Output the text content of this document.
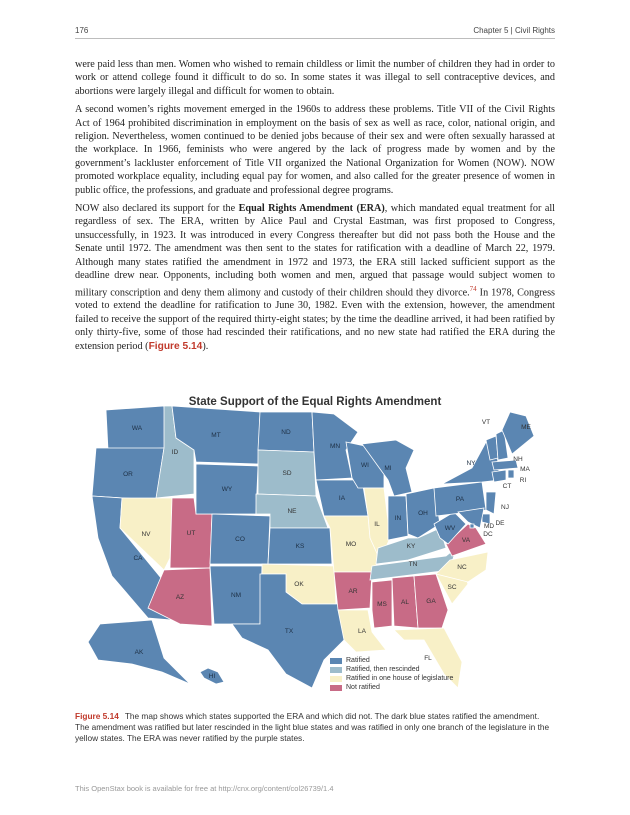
176	Chapter 5 | Civil Rights

were paid less than men. Women who wished to remain childless or limit the number of children they had in order to work or attend college found it difficult to do so. In some states it was illegal to sell contraceptive devices, and abortions were largely illegal and difficult for women to obtain.

A second women’s rights movement emerged in the 1960s to address these problems. Title VII of the Civil Rights Act of 1964 prohibited discrimination in employment on the basis of sex as well as race, color, national origin, and religion. Nevertheless, women continued to be denied jobs because of their sex and were often sexually harassed at the workplace. In 1966, feminists who were angered by the lack of progress made by women and by the government’s lackluster enforcement of Title VII organized the National Organization for Women (NOW). NOW promoted workplace equality, including equal pay for women, and also called for the greater presence of women in public office, the professions, and graduate and professional degree programs.

NOW also declared its support for the Equal Rights Amendment (ERA), which mandated equal treatment for all regardless of sex. The ERA, written by Alice Paul and Crystal Eastman, was first proposed to Congress, unsuccessfully, in 1923. It was introduced in every Congress thereafter but did not pass both the House and the Senate until 1972. The amendment was then sent to the states for ratification with a deadline of March 22, 1979. Although many states ratified the amendment in 1972 and 1973, the ERA still lacked sufficient support as the deadline drew near. Opponents, including both women and men, argued that passage would subject women to military conscription and deny them alimony and custody of their children should they divorce.$^{74}$ In 1978, Congress voted to extend the deadline for ratification to June 30, 1982. Even with the extension, however, the amendment failed to receive the support of the required thirty-eight states; by the time the deadline arrived, it had been ratified by only thirty-five, some of those had rescinded their ratifications, and no new state had ratified the ERA during the extension period (Figure 5.14).

WA
OR
CA
ID
NV	UT
AZ
MT
WY
CO
NM
ND
SD
NE
KS
OK
TX
MN
IA
MO
AR
LA
WI
IL
MI
IN
OH
KY
TN
MS AL	GA
FL
SC
NC
VA
WV
PA
NY
VT
ME
NH
MA
RI
CT
NJ
DE
MD
DC
AK
HI
State Support of the Equal Rights Amendment
Ratified
Ratified, then rescinded
Ratified in one house of legislature
Not ratified
Figure 5.14 The map shows which states supported the ERA and which did not. The dark blue states ratified the amendment. The amendment was ratified but later rescinded in the light blue states and was ratified in only one branch of the legislature in the yellow states. The ERA was never ratified by the purple states.
This OpenStax book is available for free at http://cnx.org/content/col26739/1.4
